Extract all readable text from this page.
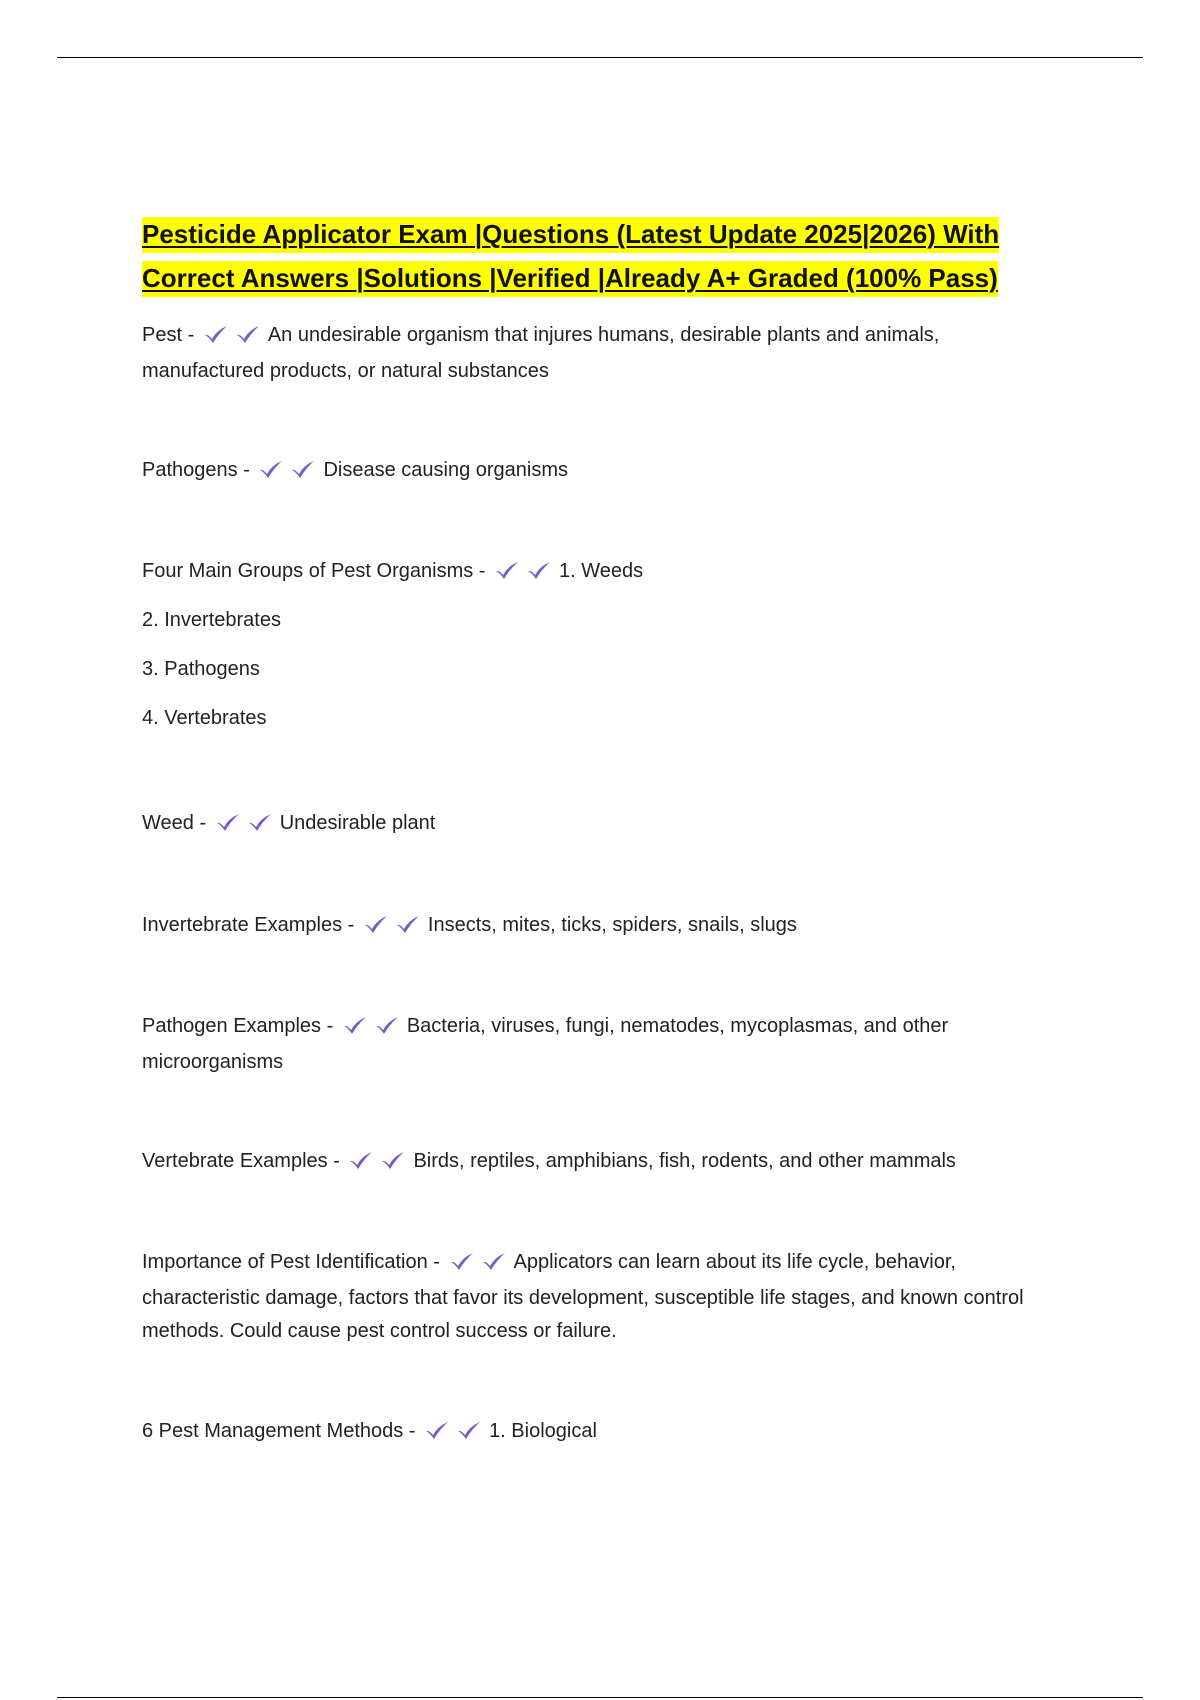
Pesticide Applicator Exam |Questions (Latest Update 2025|2026) With Correct Answers |Solutions |Verified |Already A+ Graded (100% Pass)

Pest -	An undesirable organism that injures humans, desirable plants and animals, manufactured products, or natural substances

Pathogens -	Disease causing organisms

Four Main Groups of Pest Organisms -	1. Weeds

2. Invertebrates

3. Pathogens

4. Vertebrates

Weed -	Undesirable plant

Invertebrate Examples -	Insects, mites, ticks, spiders, snails, slugs

Pathogen Examples -	Bacteria, viruses, fungi, nematodes, mycoplasmas, and other microorganisms

Vertebrate Examples -	Birds, reptiles, amphibians, fish, rodents, and other mammals

Importance of Pest Identification -	Applicators can learn about its life cycle, behavior, characteristic damage, factors that favor its development, susceptible life stages, and known control methods. Could cause pest control success or failure.

6 Pest Management Methods -	1. Biological
